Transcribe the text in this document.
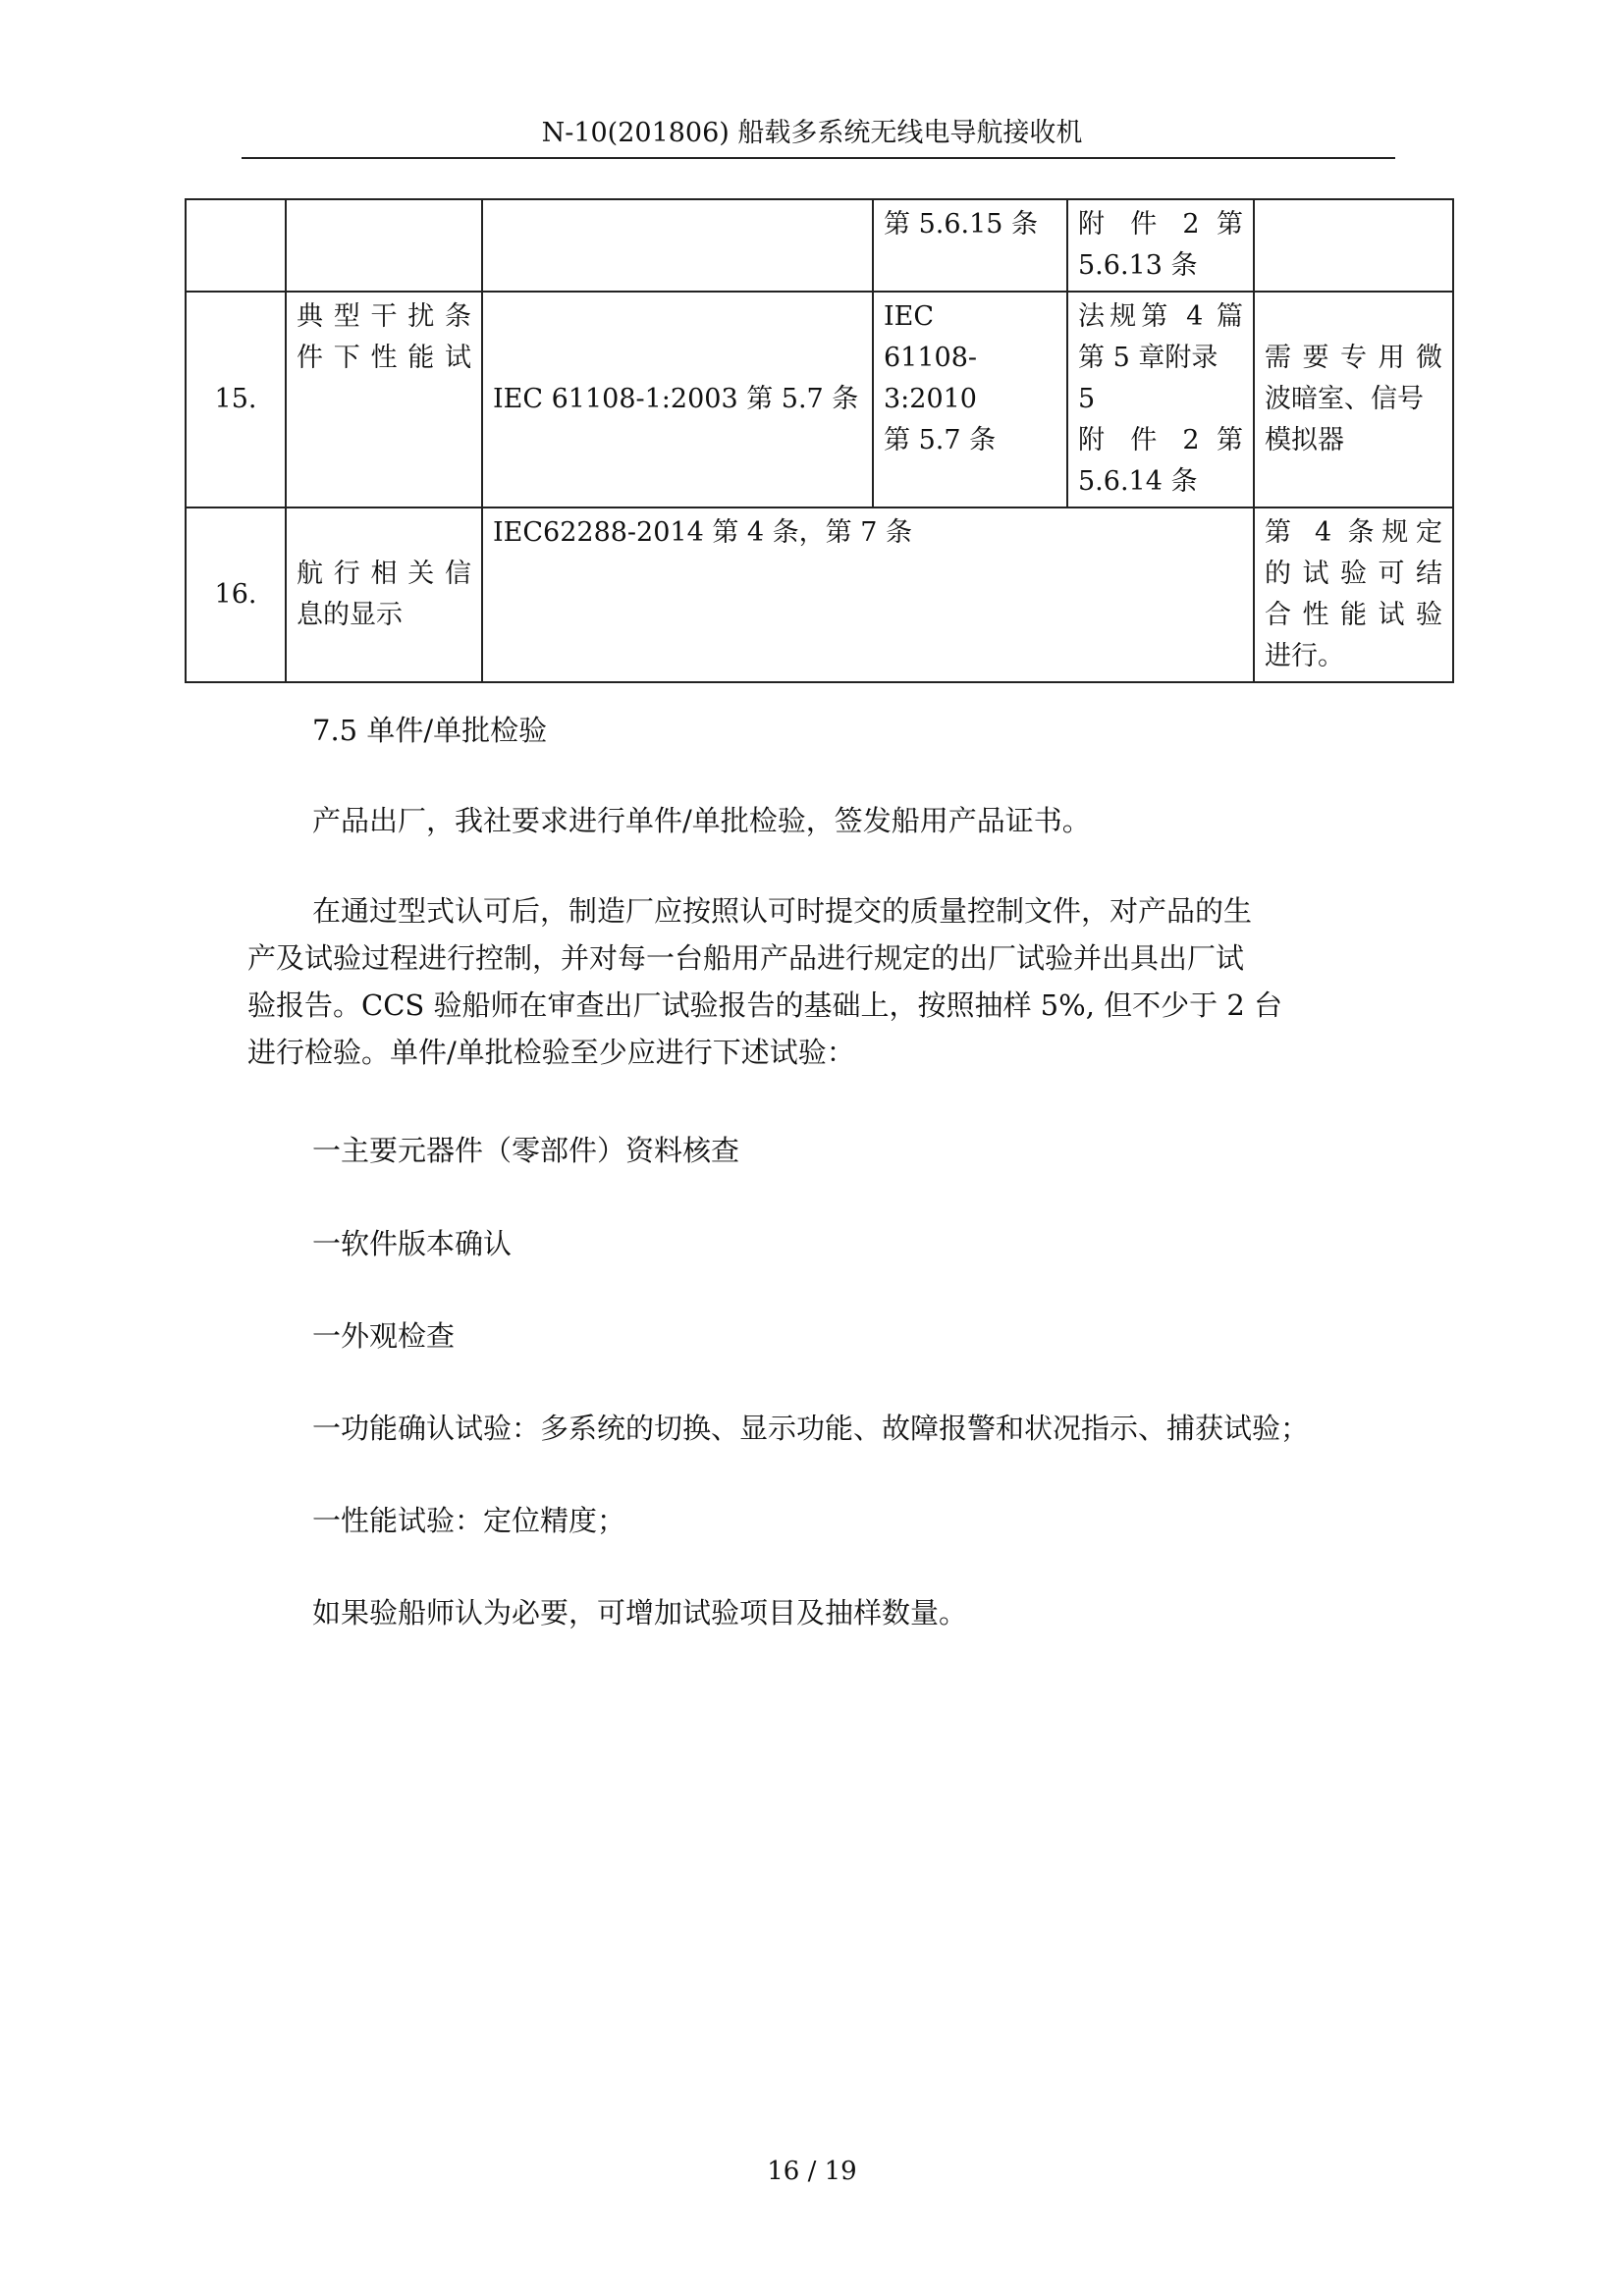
N-10(201806) 船载多系统无线电导航接收机
			第 5.6.15 条	附 件 2 第
5.6.13 条	

15.	典型干扰条
件下性能试	IEC 61108-1:2003 第 5.7 条	IEC
61108-3:2010
第 5.7 条	法规第 4 篇
第 5 章附录 5
附 件 2 第
5.6.14 条	需要专用微
波暗室、信号
模拟器

16.	航行相关信
息的显示	IEC62288-2014 第 4 条，第 7 条			第 4 条规定
的试验可结
合性能试验
进行。
7.5 单件/单批检验
产品出厂，我社要求进行单件/单批检验，签发船用产品证书。
在通过型式认可后，制造厂应按照认可时提交的质量控制文件，对产品的生
产及试验过程进行控制，并对每一台船用产品进行规定的出厂试验并出具出厂试
验报告。CCS 验船师在审查出厂试验报告的基础上，按照抽样 5%, 但不少于 2 台
进行检验。单件/单批检验至少应进行下述试验：
一主要元器件（零部件）资料核查
一软件版本确认
一外观检查
一功能确认试验：多系统的切换、显示功能、故障报警和状况指示、捕获试验；
一性能试验：定位精度；
如果验船师认为必要，可增加试验项目及抽样数量。
16 / 19
